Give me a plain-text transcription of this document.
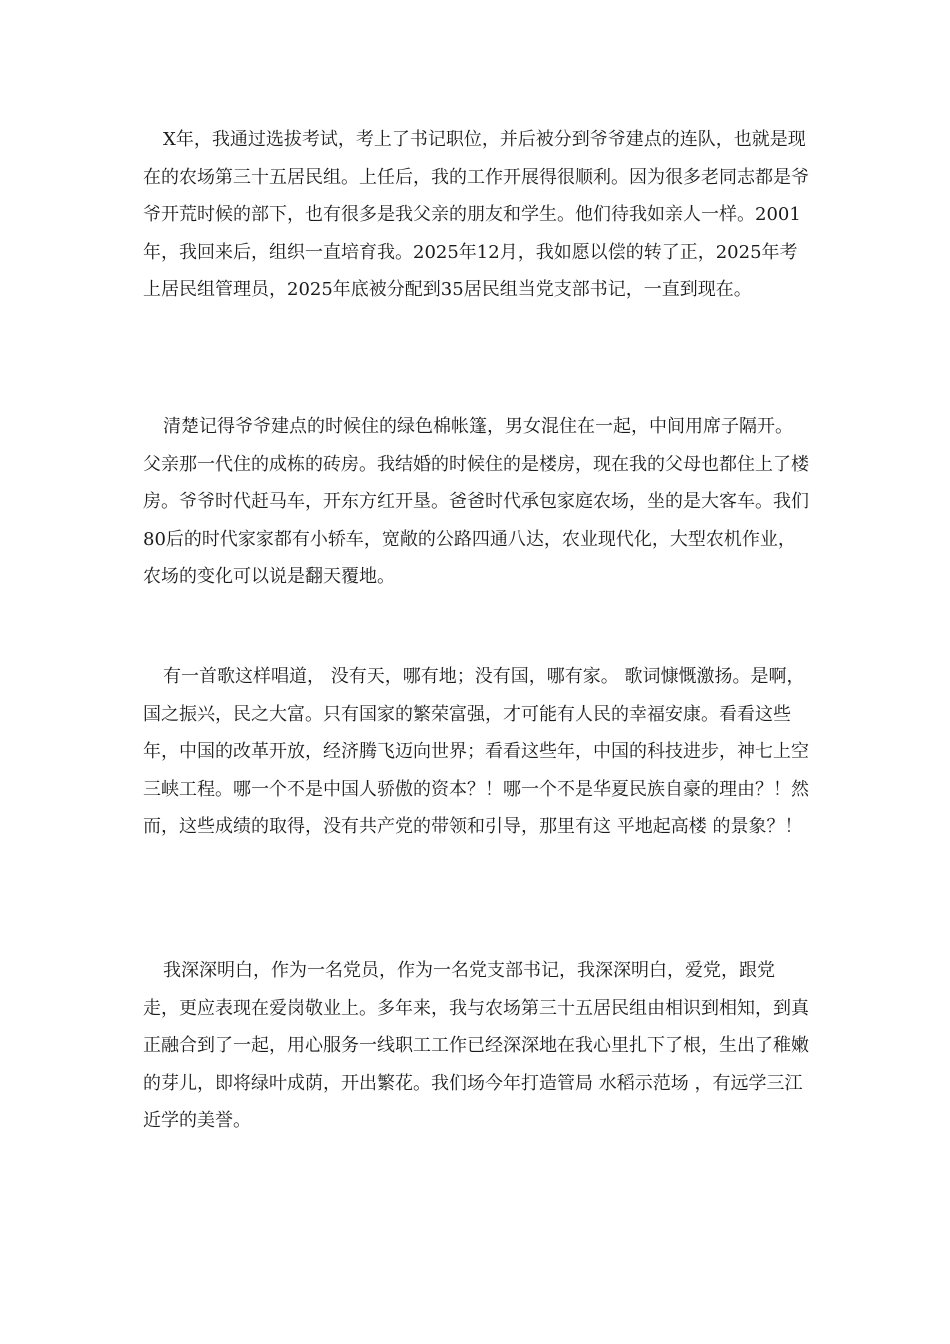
X年，我通过选拔考试，考上了书记职位，并后被分到爷爷建点的连队，也就是现在的农场第三十五居民组。上任后，我的工作开展得很顺利。因为很多老同志都是爷爷开荒时候的部下，也有很多是我父亲的朋友和学生。他们待我如亲人一样。2001年，我回来后，组织一直培育我。2025年12月，我如愿以偿的转了正，2025年考上居民组管理员，2025年底被分配到35居民组当党支部书记，一直到现在。

清楚记得爷爷建点的时候住的绿色棉帐篷，男女混住在一起，中间用席子隔开。父亲那一代住的成栋的砖房。我结婚的时候住的是楼房，现在我的父母也都住上了楼房。爷爷时代赶马车，开东方红开垦。爸爸时代承包家庭农场，坐的是大客车。我们80后的时代家家都有小轿车，宽敞的公路四通八达，农业现代化，大型农机作业，农场的变化可以说是翻天覆地。

有一首歌这样唱道， 没有天，哪有地；没有国，哪有家。 歌词慷慨激扬。是啊，国之振兴，民之大富。只有国家的繁荣富强，才可能有人民的幸福安康。看看这些年，中国的改革开放，经济腾飞迈向世界；看看这些年，中国的科技进步，神七上空三峡工程。哪一个不是中国人骄傲的资本？！哪一个不是华夏民族自豪的理由？！然而，这些成绩的取得，没有共产党的带领和引导，那里有这 平地起高楼 的景象？！

我深深明白，作为一名党员，作为一名党支部书记，我深深明白，爱党，跟党走，更应表现在爱岗敬业上。多年来，我与农场第三十五居民组由相识到相知，到真正融合到了一起，用心服务一线职工工作已经深深地在我心里扎下了根，生出了稚嫩的芽儿，即将绿叶成荫，开出繁花。我们场今年打造管局 水稻示范场 ，有远学三江近学的美誉。
